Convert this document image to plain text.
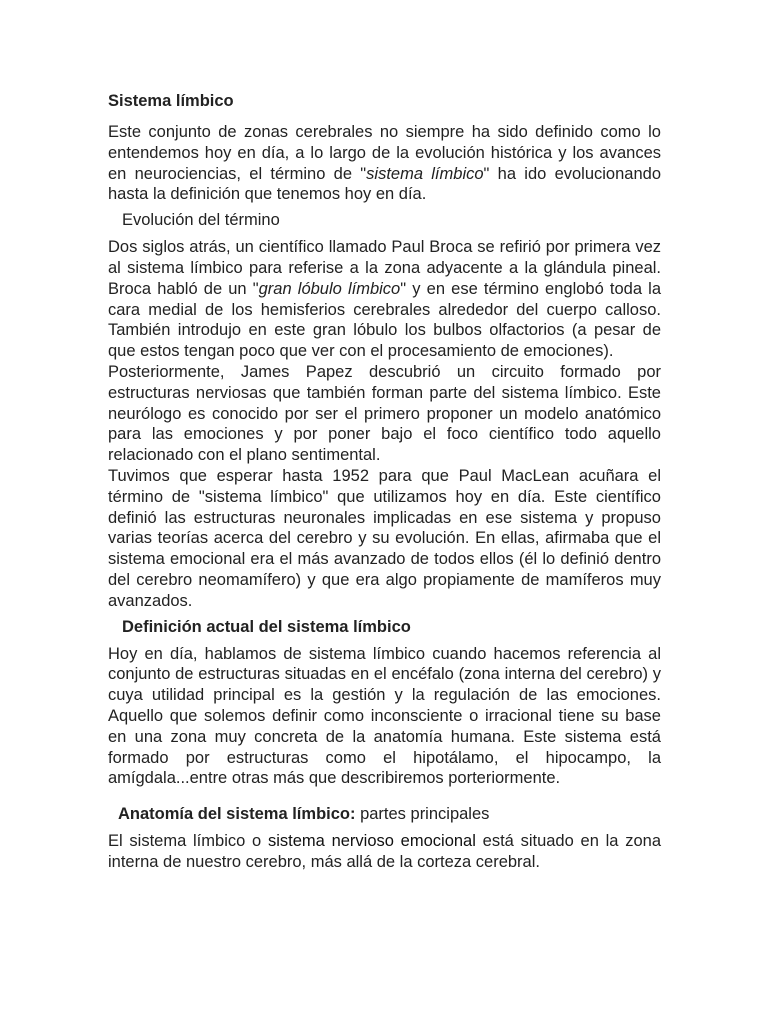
Sistema límbico

Este conjunto de zonas cerebrales no siempre ha sido definido como lo entendemos hoy en día, a lo largo de la evolución histórica y los avances en neurociencias, el término de "sistema límbico" ha ido evolucionando hasta la definición que tenemos hoy en día.

Evolución del término

Dos siglos atrás, un científico llamado Paul Broca se refirió por primera vez al sistema límbico para referise a la zona adyacente a la glándula pineal. Broca habló de un "gran lóbulo límbico" y en ese término englobó toda la cara medial de los hemisferios cerebrales alrededor del cuerpo calloso. También introdujo en este gran lóbulo los bulbos olfactorios (a pesar de que estos tengan poco que ver con el procesamiento de emociones).

Posteriormente, James Papez descubrió un circuito formado por estructuras nerviosas que también forman parte del sistema límbico. Este neurólogo es conocido por ser el primero proponer un modelo anatómico para las emociones y por poner bajo el foco científico todo aquello relacionado con el plano sentimental.

Tuvimos que esperar hasta 1952 para que Paul MacLean acuñara el término de "sistema límbico" que utilizamos hoy en día. Este científico definió las estructuras neuronales implicadas en ese sistema y propuso varias teorías acerca del cerebro y su evolución. En ellas, afirmaba que el sistema emocional era el más avanzado de todos ellos (él lo definió dentro del cerebro neomamífero) y que era algo propiamente de mamíferos muy avanzados.

Definición actual del sistema límbico

Hoy en día, hablamos de sistema límbico cuando hacemos referencia al conjunto de estructuras situadas en el encéfalo (zona interna del cerebro) y cuya utilidad principal es la gestión y la regulación de las emociones. Aquello que solemos definir como inconsciente o irracional tiene su base en una zona muy concreta de la anatomía humana. Este sistema está formado por estructuras como el hipotálamo, el hipocampo, la amígdala...entre otras más que describiremos porteriormente.

Anatomía del sistema límbico: partes principales

El sistema límbico o sistema nervioso emocional está situado en la zona interna de nuestro cerebro, más allá de la corteza cerebral.
